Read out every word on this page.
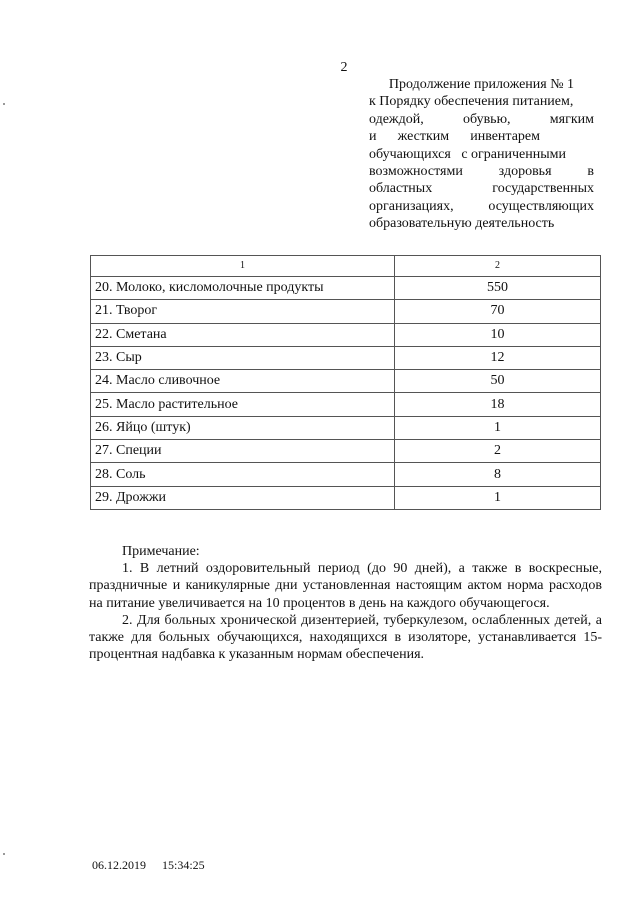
2
Продолжение приложения № 1
к Порядку обеспечения питанием,
одеждой,	обувью,	мягким
и жестким инвентарем
обучающихся   с ограниченными
возможностями	здоровья	в
областных	государственных
организациях, осуществляющих
образовательную деятельность
1	2
20. Молоко, кисломолочные продукты	550
21. Творог	70
22. Сметана	10
23. Сыр	12
24. Масло сливочное	50
25. Масло растительное	18
26. Яйцо (штук)	1
27. Специи	2
28. Соль	8
29. Дрожжи	1
Примечание:

1. В летний оздоровительный период (до 90 дней), а также в воскресные, праздничные и каникулярные дни установленная настоящим актом норма расходов на питание увеличивается на 10 процентов в день на каждого обучающегося.

2. Для больных хронической дизентерией, туберкулезом, ослабленных детей, а также для больных обучающихся, находящихся в изоляторе, устанавливается 15-процентная надбавка к указанным нормам обеспечения.

06.12.2019 15:34:25
